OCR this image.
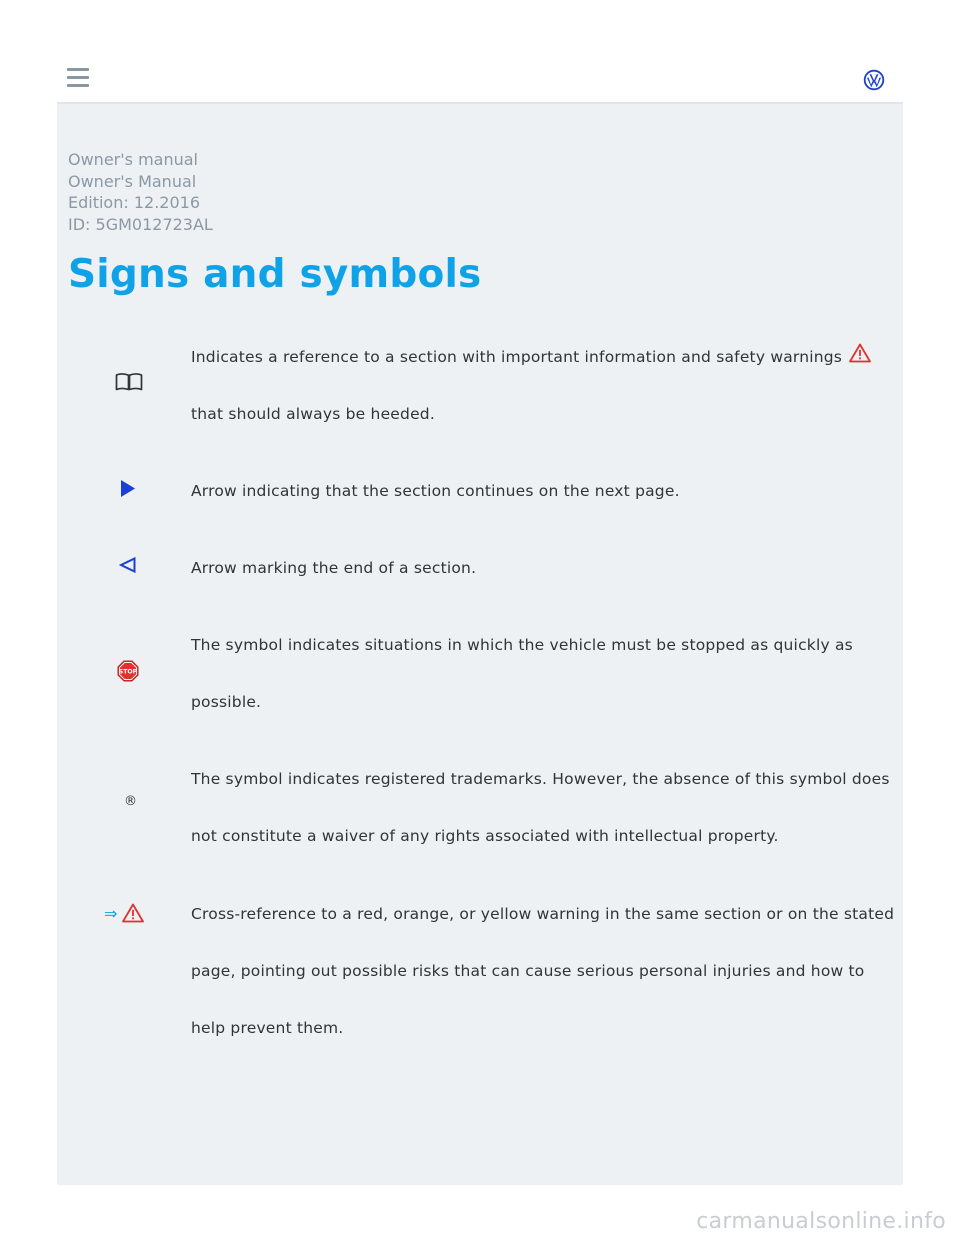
Owner's manual
Owner's Manual
Edition: 12.2016
ID: 5GM012723AL
Signs and symbols
Indicates a reference to a section with important information and safety warnings
that should always be heeded.
Arrow indicating that the section continues on the next page.
Arrow marking the end of a section.
STOP
The symbol indicates situations in which the vehicle must be stopped as quickly as possible.
®
The symbol indicates registered trademarks. However, the absence of this symbol does not constitute a waiver of any rights associated with intellectual property.
⇒	Cross-reference to a red, orange, or yellow warning in the same section or on the stated page, pointing out possible risks that can cause serious personal injuries and how to help prevent them.
carmanualsonline.info
